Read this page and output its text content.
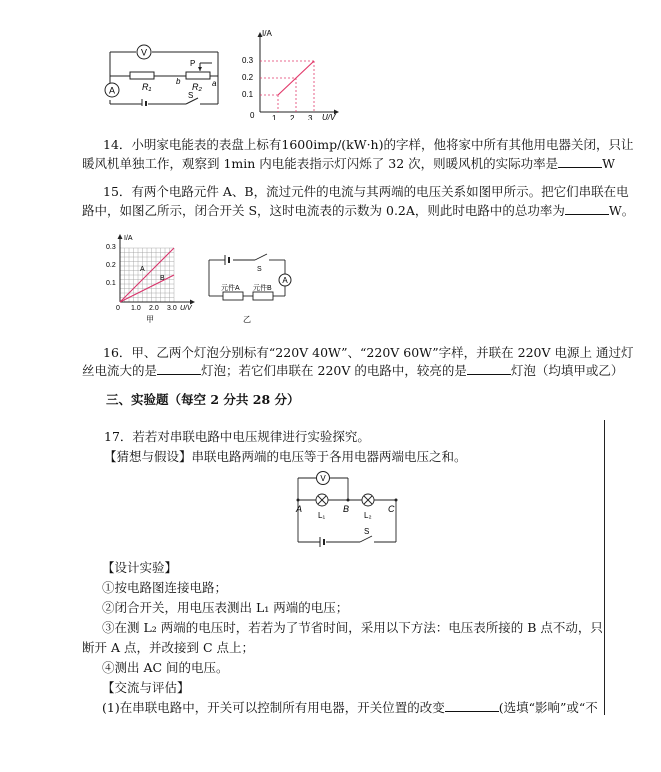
V
A	R₁	R₂
P
a
b
S
I/A
U/V
0.3
0.2
0.1
0 1 2 3
14．小明家电能表的表盘上标有1600imp/(kW·h)的字样，他将家中所有其他用电器关闭，只让
暖风机单独工作，观察到 1min 内电能表指示灯闪烁了 32 次，则暖风机的实际功率是	W
15．有两个电路元件 A、B，流过元件的电流与其两端的电压关系如图甲所示。把它们串联在电
路中，如图乙所示，闭合开关 S，这时电流表的示数为 0.2A，则此时电路中的总功率为	W。
I/A
U/V
0.3
0.2
0.1
0 1.0 2.0 3.0
A
B
甲
A
S
元件A 元件B
乙
16．甲、乙两个灯泡分别标有“220V 40W”、“220V 60W”字样，并联在 220V 电源上 通过灯
丝电流大的是	灯泡；若它们串联在 220V 的电路中，较亮的是	灯泡（均填甲或乙）
三、实验题（每空 2 分共 28 分）
17．若若对串联电路中电压规律进行实验探究。
【猜想与假设】串联电路两端的电压等于各用电器两端电压之和。
V
A	B	C
L₁	L₂
S
【设计实验】
①按电路图连接电路；
②闭合开关，用电压表测出 L₁ 两端的电压；
③在测 L₂ 两端的电压时，若若为了节省时间，采用以下方法：电压表所接的 B 点不动，只
断开 A 点，并改接到 C 点上；
④测出 AC 间的电压。
【交流与评估】
(1)在串联电路中，开关可以控制所有用电器，开关位置的改变	(选填“影响”或“不
